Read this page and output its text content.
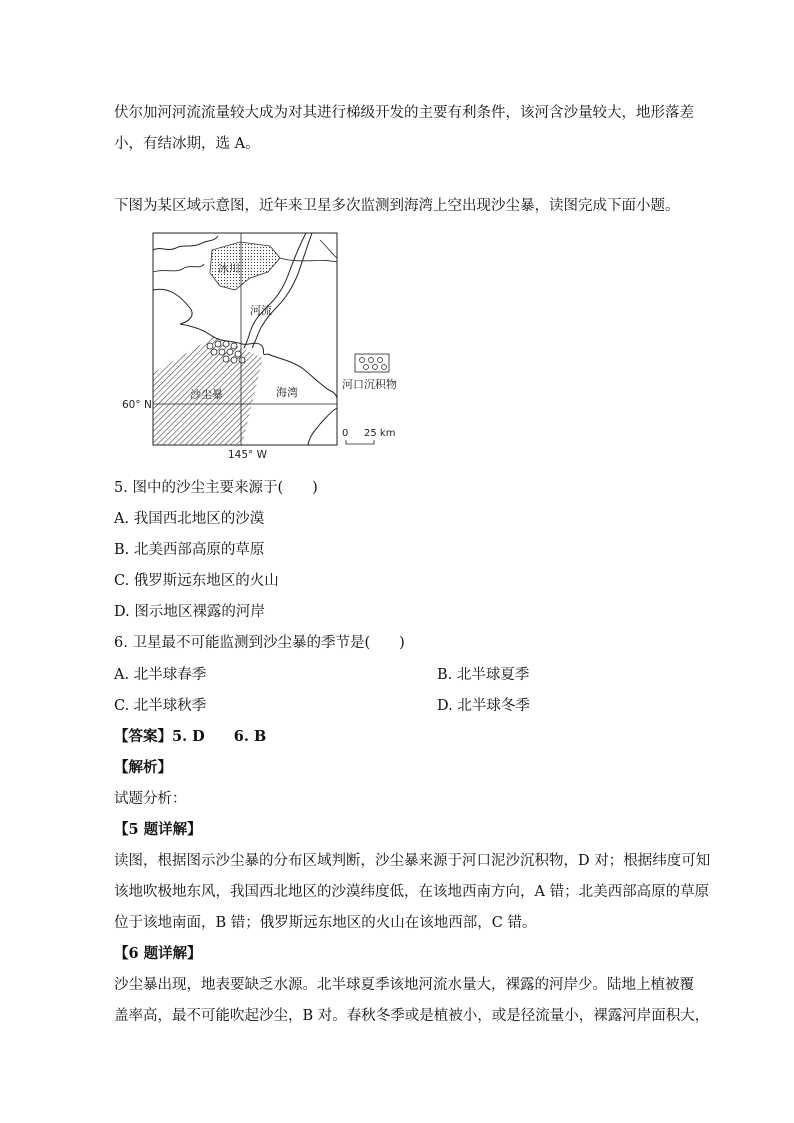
伏尔加河河流流量较大成为对其进行梯级开发的主要有利条件，该河含沙量较大，地形落差
小，有结冰期，选 A。
下图为某区域示意图，近年来卫星多次监测到海湾上空出现沙尘暴，读图完成下面小题。
冰川
河流
沙尘暴	海湾
60° N
145° W
河口沉积物
0 25 km
5. 图中的沙尘主要来源于(　　)
A. 我国西北地区的沙漠
B. 北美西部高原的草原
C. 俄罗斯远东地区的火山
D. 图示地区裸露的河岸
6. 卫星最不可能监测到沙尘暴的季节是(　　)
A. 北半球春季	B. 北半球夏季
C. 北半球秋季	D. 北半球冬季
【答案】5. D　　6. B
【解析】
试题分析：
【5 题详解】
读图，根据图示沙尘暴的分布区域判断，沙尘暴来源于河口泥沙沉积物，D 对；根据纬度可知
该地吹极地东风，我国西北地区的沙漠纬度低，在该地西南方向，A 错；北美西部高原的草原
位于该地南面，B 错；俄罗斯远东地区的火山在该地西部，C 错。
【6 题详解】
沙尘暴出现，地表要缺乏水源。北半球夏季该地河流水量大，裸露的河岸少。陆地上植被覆
盖率高，最不可能吹起沙尘，B 对。春秋冬季或是植被小，或是径流量小，裸露河岸面积大，
